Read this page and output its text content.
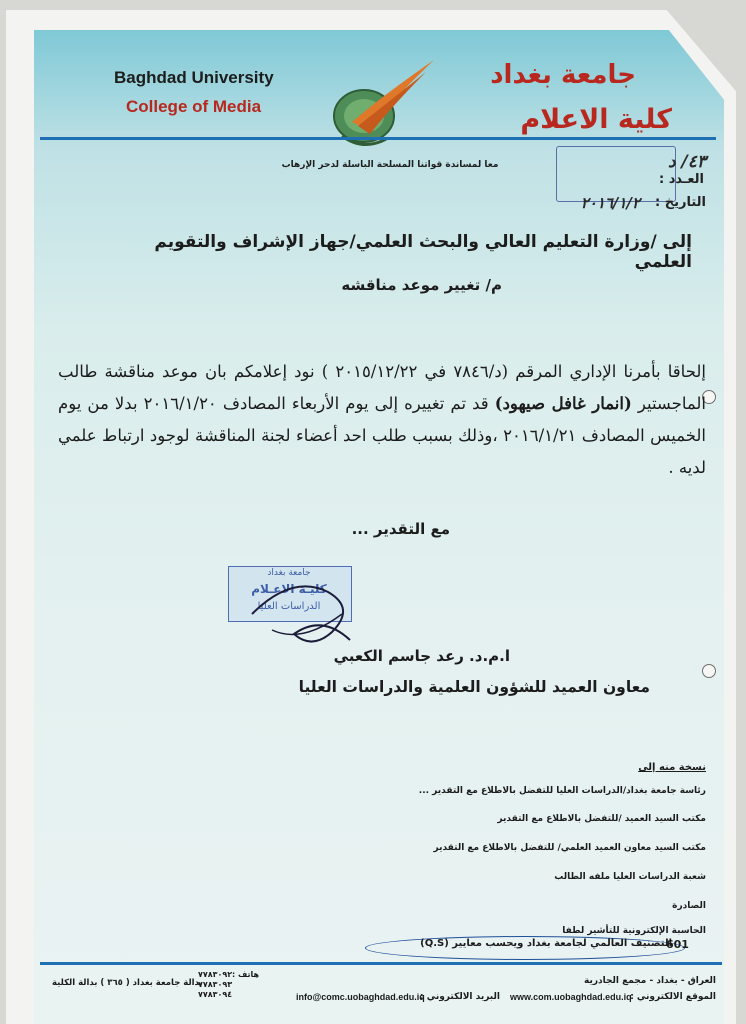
Baghdad University
College of Media
جامعة بغداد
كلية الاعلام
معا لمساندة قواتنا المسلحة الباسلة لدحر الإرهاب	٤٣/ د
العـدد :
التاريخ :
٢٠١٦/١/٢
إلى /وزارة التعليم العالي والبحث العلمي/جهاز الإشراف والتقويم العلمي
م/ تغيير موعد مناقشه
إلحاقا بأمرنا الإداري المرقم (د/٧٨٤٦ في ٢٠١٥/١٢/٢٢ ) نود إعلامكم بان موعد مناقشة طالب الماجستير (انمار غافل صيهود) قد تم تغييره إلى يوم الأربعاء المصادف ٢٠١٦/١/٢٠ بدلا من يوم الخميس المصادف ٢٠١٦/١/٢١ ،وذلك بسبب طلب احد أعضاء لجنة المناقشة لوجود ارتباط علمي لديه .
مع التقدير ...
جامعة بغداد
كليـة الاعـلام
الدراسات العليا
ا.م.د. رعد جاسم الكعبي
معاون العميد للشؤون العلمية والدراسات العليا
نسخة منه إلى
رئاسة جامعة بغداد/الدراسات العليا للتفضل بالاطلاع مع التقدير ...
مكتب السيد العميد /للتفضل بالاطلاع مع التقدير
مكتب السيد معاون العميد العلمي/ للتفضل بالاطلاع مع التقدير
شعبة الدراسات العليا ملفه الطالب
الصادرة
الحاسبة الإلكترونية للتأشير لطفا
التصنيف العالمي لجامعة بغداد ويحسب معايير (Q.S)
601
العراق - بغداد - مجمع الجادرية
الموقع الالكتروني :
www.com.uobaghdad.edu.iq
البريد الالكتروني :
info@comc.uobaghdad.edu.iq
هاتف :
٧٧٨٣٠٩٢
٧٧٨٣٠٩٣
٧٧٨٣٠٩٤
بدالة جامعة بغداد ( ٣٦٥ ) بدالة الكلية
